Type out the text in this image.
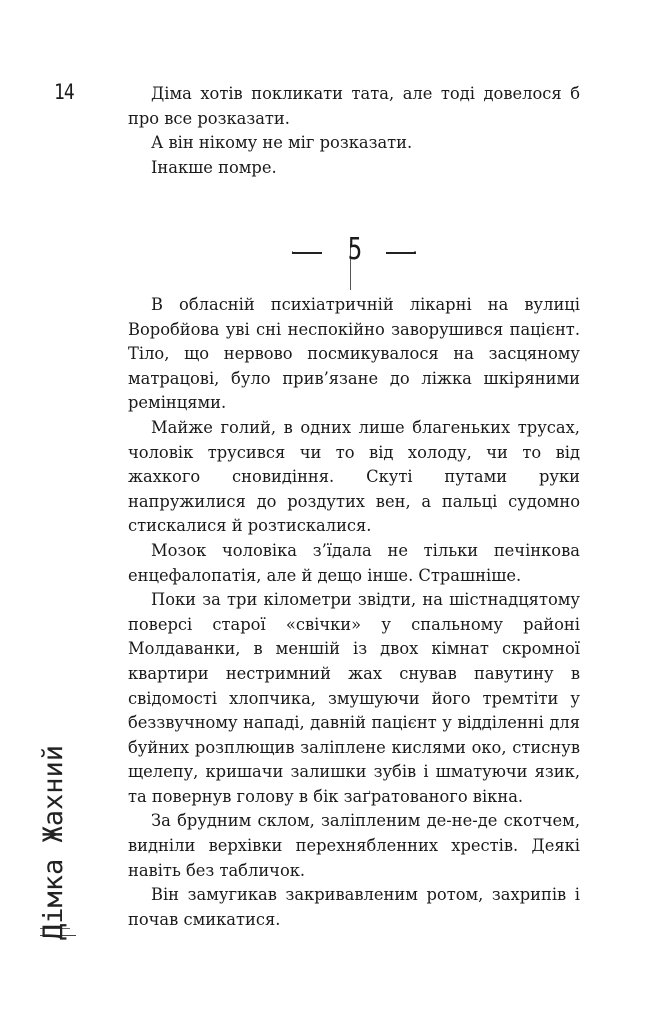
14	Діма хотів покликати тата, але тоді довелося б про все розказати.

А він нікому не міг розказати.

Інакше помре.

5

В обласній психіатричній лікарні на вулиці Воробйова уві сні неспокійно заворушився пацієнт. Тіло, що нервово посмикувалося на засцяному матрацові, було прив’язане до ліжка шкіряними ремінцями.

Майже голий, в одних лише благеньких трусах, чоловік трусився чи то від холоду, чи то від жахкого сновидіння. Скуті путами руки напружилися до роздутих вен, а пальці судомно стискалися й розтискалися.

Мозок чоловіка з’їдала не тільки печінкова енцефалопатія, але й дещо інше. Страшніше.

Поки за три кілометри звідти, на шістнадцятому поверсі старої «свічки» у спальному районі Молдаванки, в меншій із двох кімнат скромної квартири нестримний жах снував павутину в свідомості хлопчика, змушуючи його тремтіти у беззвучному нападі, давній пацієнт у відділенні для буйних розплющив заліплене кислями око, стиснув щелепу, кришачи залишки зубів і шматуючи язик, та повернув голову в бік заґратованого вікна.

За брудним склом, заліпленим де-не-де скотчем, видніли верхівки перехнябленних хрестів. Деякі навіть без табличок.

Він замугикав закривавленим ротом, захрипів і почав смикатися.

Дімка Жахний
